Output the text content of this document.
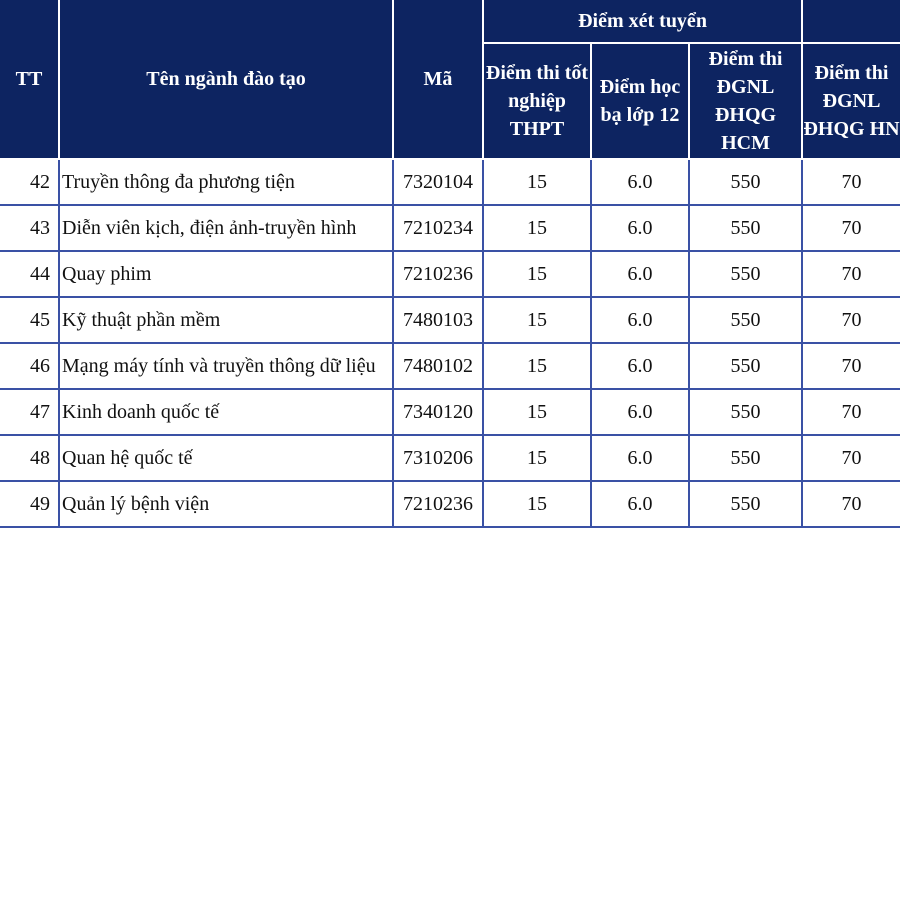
TT	Tên ngành đào tạo	Mã	Điểm xét tuyển			
			Điểm thi tốt nghiệp THPT	Điểm học bạ lớp 12	Điểm thi ĐGNL ĐHQG HCM	Điểm thi ĐGNL ĐHQG HN
42	Truyền thông đa phương tiện	7320104	15	6.0	550	70
43	Diễn viên kịch, điện ảnh-truyền hình	7210234	15	6.0	550	70
44	Quay phim	7210236	15	6.0	550	70
45	Kỹ thuật phần mềm	7480103	15	6.0	550	70
46	Mạng máy tính và truyền thông dữ liệu	7480102	15	6.0	550	70
47	Kinh doanh quốc tế	7340120	15	6.0	550	70
48	Quan hệ quốc tế	7310206	15	6.0	550	70
49	Quản lý bệnh viện	7210236	15	6.0	550	70
